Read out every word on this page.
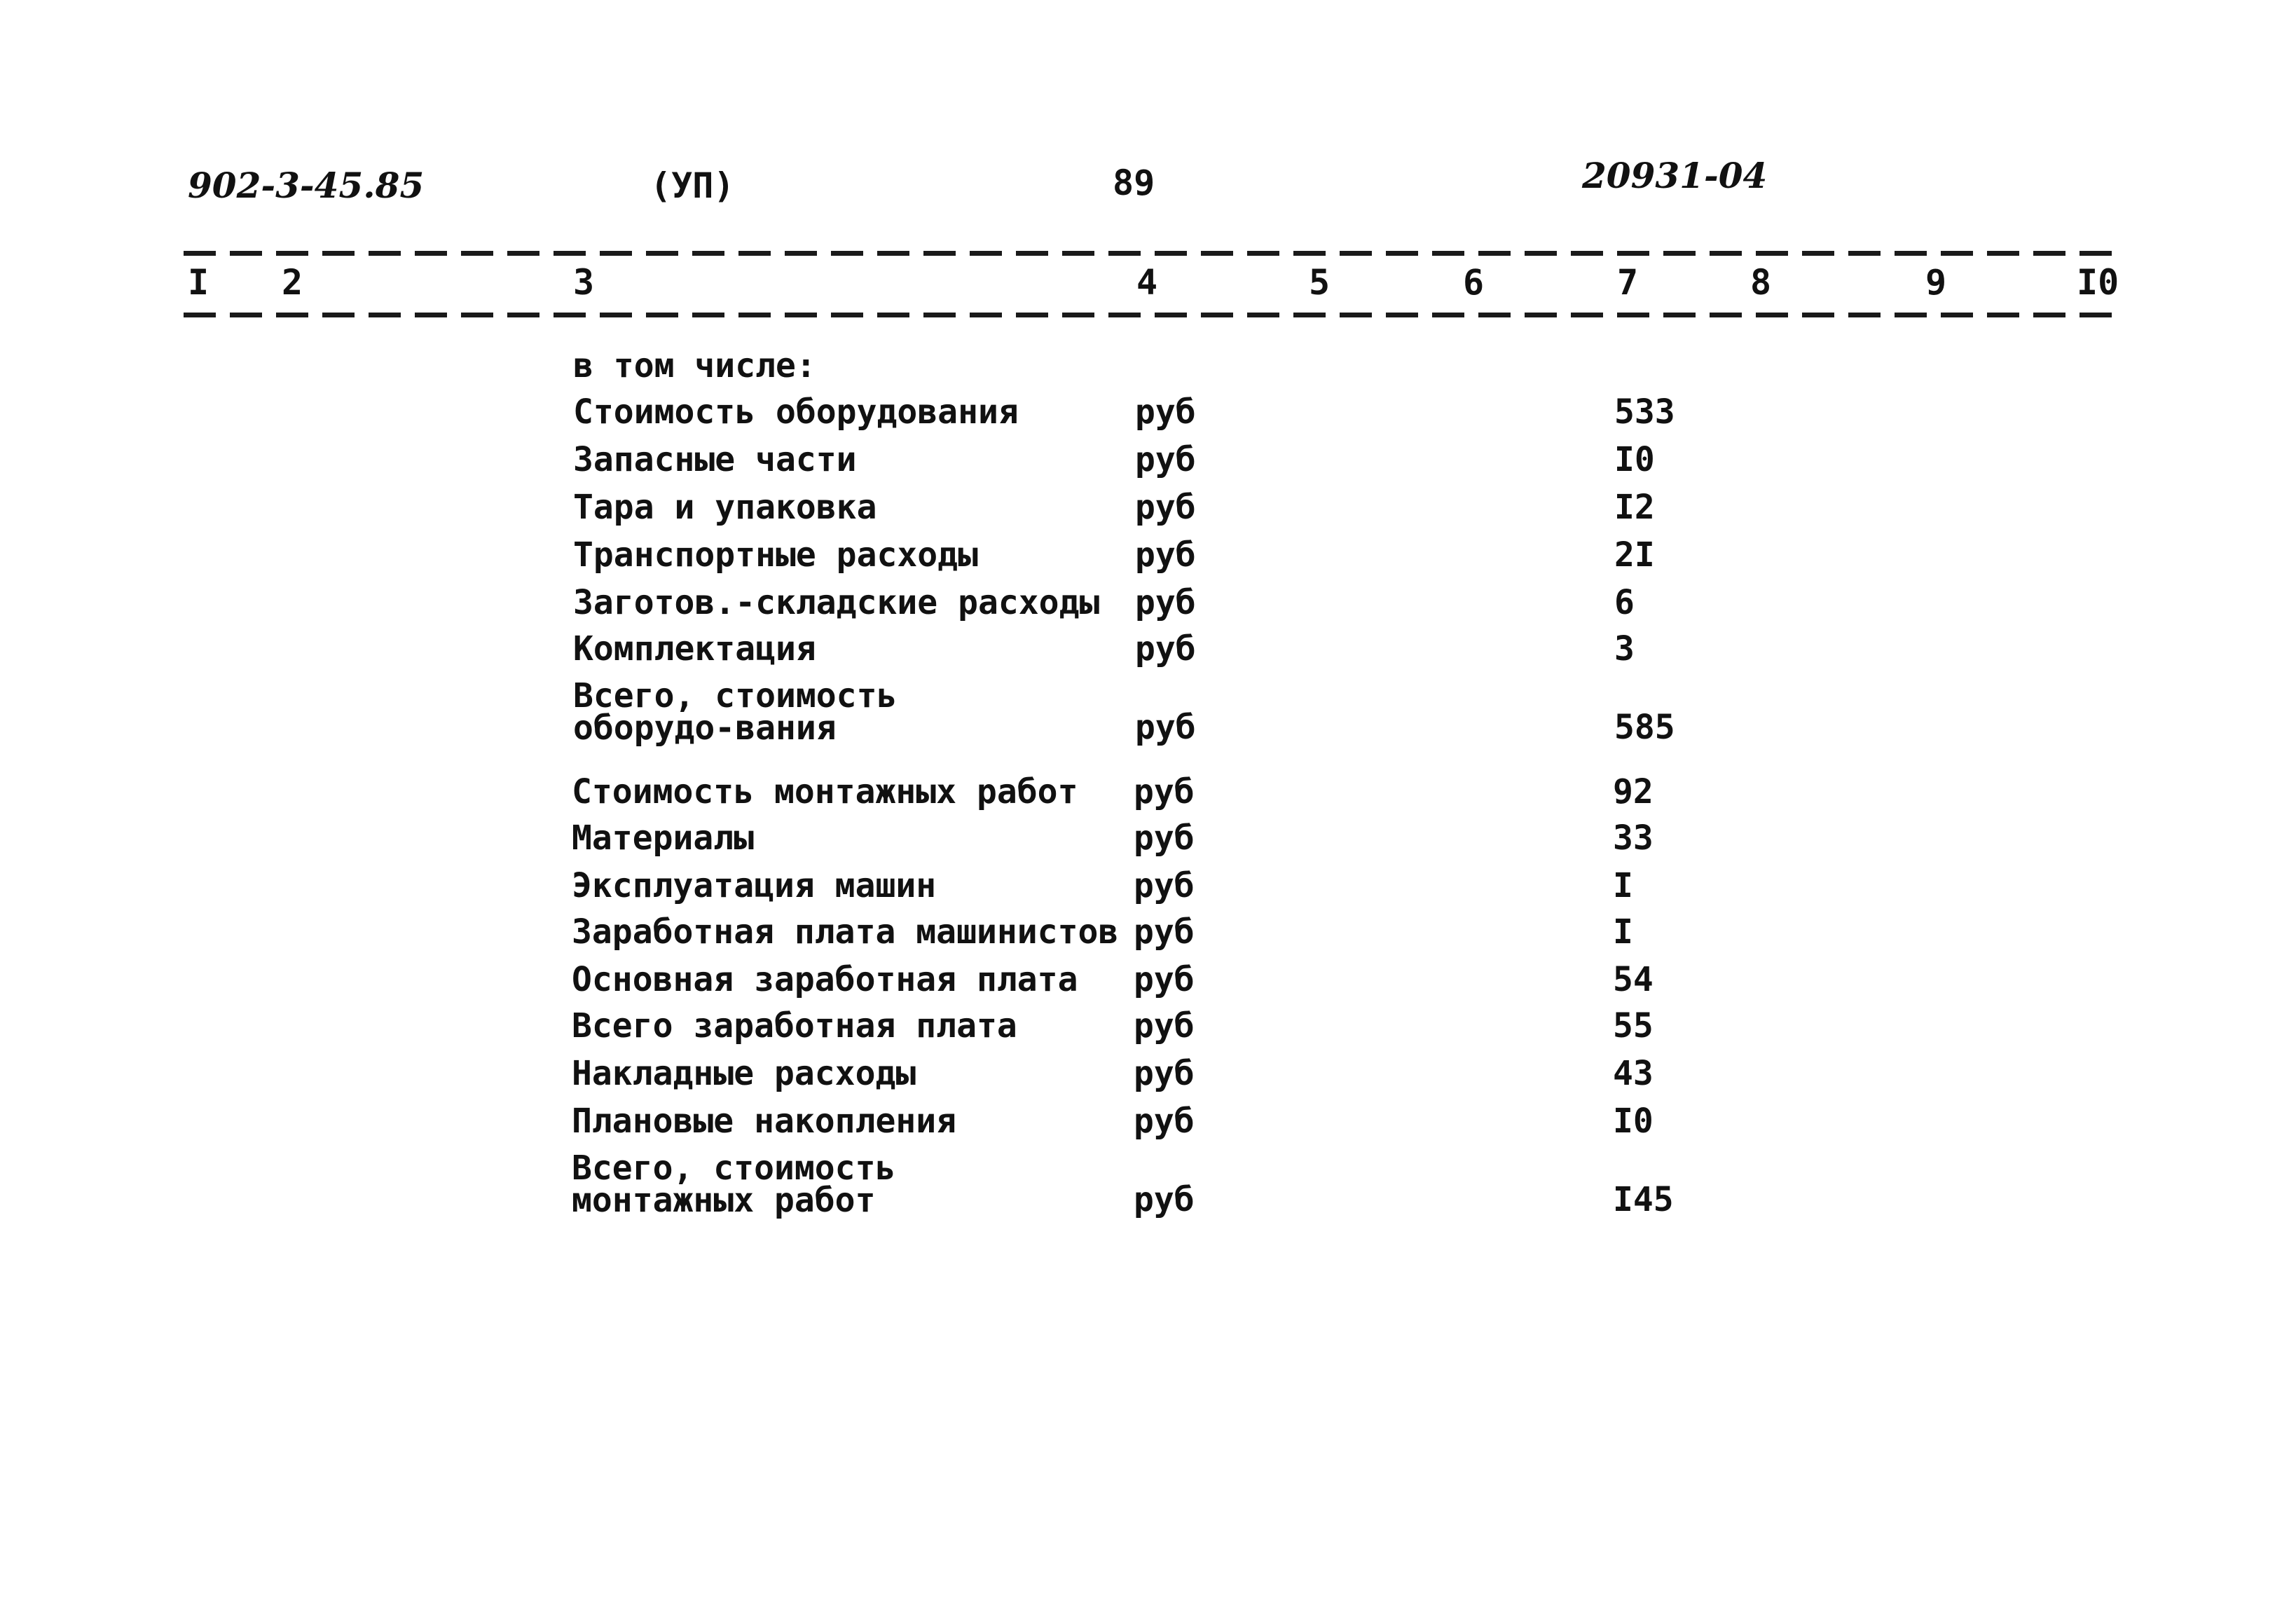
902-3-45.85	(УП)	89	20931-04
I 2	3	4	5	6	7	8	9	I0
в том числе:
Стоимость оборудования	руб	533
Запасные части	руб	I0
Тара и упаковка	руб	I2
Транспортные расходы	руб	2I
Заготов.-складские расходы руб	6
Комплектация	руб	3
Всего, стоимость оборудо-вания	руб	585
Стоимость монтажных работ руб	92
Материалы	руб	33
Эксплуатация машин	руб	I
Заработная плата машинистов руб	I
Основная заработная плата руб	54
Всего заработная плата	руб	55
Накладные расходы	руб	43
Плановые накопления	руб	I0
Всего, стоимость монтажных работ	руб	I45
